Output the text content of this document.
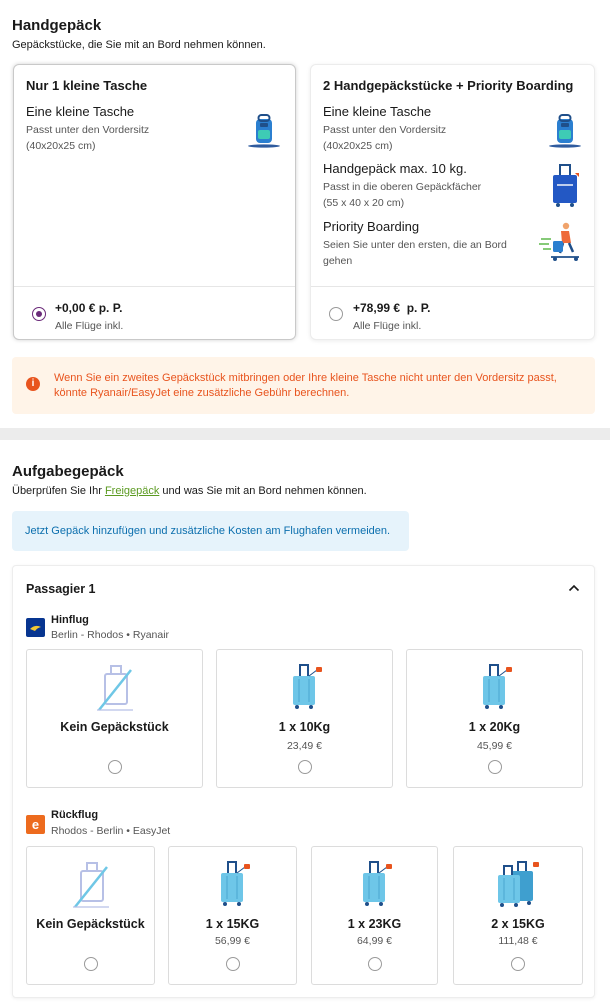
Handgepäck
Gepäckstücke, die Sie mit an Bord nehmen können.
Nur 1 kleine Tasche
Eine kleine Tasche
Passt unter den Vordersitz
(40x20x25 cm)
+0,00 € p. P.
Alle Flüge inkl.
2 Handgepäckstücke + Priority Boarding
Eine kleine Tasche
Passt unter den Vordersitz
(40x20x25 cm)
Handgepäck max. 10 kg.
Passt in die oberen Gepäckfächer
(55 x 40 x 20 cm)
Priority Boarding
Seien Sie unter den ersten, die an Bord
gehen
+78,99 €  p. P.
Alle Flüge inkl.
i	Wenn Sie ein zweites Gepäckstück mitbringen oder Ihre kleine Tasche nicht unter den Vordersitz passt, könnte Ryanair/EasyJet eine zusätzliche Gebühr berechnen.
Aufgabegepäck
Überprüfen Sie Ihr Freigepäck und was Sie mit an Bord nehmen können.
Jetzt Gepäck hinzufügen und zusätzliche Kosten am Flughafen vermeiden.
Passagier 1
Hinflug
Berlin - Rhodos • Ryanair
Kein Gepäckstück	1 x 10Kg
23,49 €
1 x 20Kg
45,99 €
e
Rückflug
Rhodos - Berlin • EasyJet
Kein Gepäckstück	1 x 15KG
56,99 €
1 x 23KG
64,99 €
2 x 15KG
111,48 €
